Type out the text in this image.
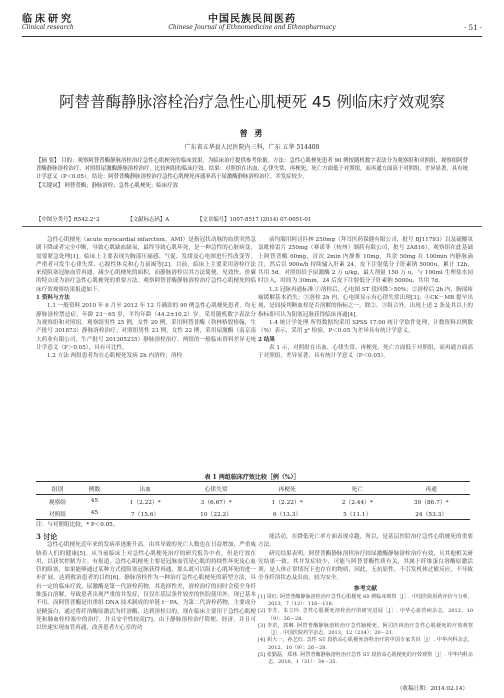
临床研究
Clinical research
中国民族民间医药
Chinese Journal of Ethnomedicine and Ethnopharmacy	· 51 ·
阿替普酶静脉溶栓治疗急性心肌梗死 45 例临床疗效观察
曾 勇
广东省五华县人民医院内三科，广东 五华 514400
【摘 要】 目的：观察阿替普酶静脉溶栓治疗急性心肌梗死的临床效果，为临床治疗提供参考依据。方法：急性心肌梗死患者 90 例按随机数字表法分为观察组和对照组，观察组阿替普酶静脉溶栓治疗，对照组尿激酶静脉溶栓治疗，比较两组的临床疗效。结果：对照组在出血、心律失常、再梗死、死亡方面低于对照组，而再通方面高于对照组，差异显著，具有统计学意义（P＜0.05）。结论：阿替普酶静脉溶栓治疗急性心肌梗死再通率高于尿激酶静脉溶栓治疗，并发症较少。
【关键词】 阿替普酶；静脉溶栓；急性心肌梗死；临床疗效
【中图分类号】R542.2⁺2	【文献标志码】A	【文章编号】1007-8517 (2014) 07-0051-01

急性心肌梗死（acute myocardial infarction，AMI）是指冠状动脉的血供突然急剧下降或者完全中断，导致心肌缺血缺氧，最终导致心肌坏死，是一种急性的心脏病变，需要紧急处理[1]。临床上主要表现为胸部压痛感、气促、发绀及心电图进行性改变等，严重者可发生心律失常、心源性休克和心力衰竭等[2]。目前，临床上主要采用溶栓疗法来使阻塞冠脉血管再通，减少心肌梗死的面积，而静脉溶栓以其方法简便、见效快、价廉的特点成为治疗急性心肌梗死的重要方法。观察阿替普酶静脉溶栓治疗急性心肌梗死的临床疗效观察结果报道如下。

1 资料与方法

1.1 一般资料 2010 年 6 月至 2012 年 12 月确诊的 90 例急性心肌梗死患者，均无静脉溶栓禁忌症，年龄 23－65 岁，平均年龄（44.2±10.2）岁。采用随机数字表法分为观察组和对照组。观察组男性 25 例，女性 20 例，采用阿替普酶（勃林格殷格翰，生产批号 301873）静脉溶栓治疗；对照组男性 23 例，女性 22 例，采用尿激酶（南京南大药业有限公司，生产批号 201305235）静脉溶栓治疗，两组的一般临床资料差异无统计学意义（P＞0.05），具有可比性。

1.2 方法 两组患者均在心肌梗死发病 2h 内溶栓；溶栓

前均服用阿司匹林 250mg（拜耳医药保健有限公司，批号 BJ11793）以及硫酸氢氯吡格雷片 250mg（赛诺菲（杭州）制药有限公司，批号 2A816）。观察组在此基础上阿替普酶 60mg，首次 2min 内静推 10mg，其余 50mg 在 100min 内静脉滴注，然后以 900u/h 持续输入肝素 24，皮下注射低分子肝素钠 5000u，累计 12h，共用 5d。对照组给予尿激酶 2 万 u/kg，最大剂量 150 万 u，与 100ml 生理盐水同时注入，时间为 30min，24 后皮下注射低分子肝素钠 5000u，共用 7d。

1.3 冠脉再通标准 ①溶栓后，心电图 ST 段回降＞50%；②溶栓后 2h 内，胸部疼痛缓解基本消失；③溶栓 2h 内，心电图显示有心律失常出现[3]；④CK－MB 提早出现，是间接判断血栓是否溶解的指标之一。除②、③组合外，出现上述 2 条及其以上的指标即可认为阻塞冠脉获得临床再通[4]。

1.4 统计学处理 所得数据均采用 SPSS 17.00 统计学软件处理，计数资料以例数（%）表示，采用 χ² 检验，P＜0.05 为差异具有统计学意义。

2 结果

表 1 示，对照组在出血、心律失常、再梗死、死亡方面低于对照组，而再通方面高于对照组，差异显著，具有统计学意义（P＜0.05）。

表 1 两组临床疗效比较［例（%）］
组别	例数	出血	心律失常	再梗死	死亡	再通
观察组	45	1（2.22）*	3（6.67）*	1（2.22）*	2（2.44）*	39（86.7）*
对照组	45	7（15.6）	10（22.2）	6（13.3）	5（11.1）	24（53.3）
注：与对照组比较，* P＜0.05。

3 讨论

急性心肌梗死近年来的发病率逐渐升高，由其导致的死亡人数也在日益增加，严重威胁着人们的健康[5]。从当前临床上对急性心肌梗死治疗的研究报告中看，但是疗效在用，以获状控制为主。有报道，急性心肌梗死主要是冠脉血管是心肌的持续性坏死及心血管的阻塞，如果能够通过某种方式使阻塞冠脉获得再通，那么就可以阻止心肌坏死的进一步扩展，达到救治患者的目的[6]。静脉溶栓作为一种治疗急性心肌梗死的新型方法，具有一定的临床疗效。尿激酶是第一代溶栓药物，其选择性差，溶栓治疗的同时会使全身纤维蛋白溶解，导致患者出现严重的并发症，仅仅在基层条件较差的医院使用外，现已基本不用。而阿替普酶是用重组 DNA 技术制成的单链 t－PA，为第二代溶栓药物，主要成分是糖蛋白，通过将纤溶酶原激活为纤溶酶，达到溶栓目的，现在临床主要用于急性心肌梗死和肺血栓栓塞中的治疗，并且安全性较高[7]。由于静脉溶栓治疗简便、经济，并且可以快速实现血管再通，改善患者左心室的功

能活动，在降低死亡率方面表现卓越，所以，是基层医院治疗急性心肌梗死的重要方法。

研究结果表明，阿替普酶静脉溶栓治疗较尿激酶静脉溶栓治疗有效，且其他相关研究结果一致，其并发症较少，可能与阿替普酶性质有关，其属于纤维蛋白溶酶原激活剂，是人体正常情况下也存在的物质，因此，无抗原性，不引发机体过敏反应，不导致全身纤溶状态及出血，较为安全。

参考文献
[1] 周红. 阿替普酶静脉溶栓治疗急性心肌梗死 60 例临床观察［J］. 中国医院用药评价与分析，2013，7（12）：116－118.
[2] 李芳，朱立玲. 急性心肌梗死溶栓治疗的研究进展［J］. 中华心血管病杂志，2012，10（9）：26－28.
[3] 李洪，郭琳. 阿替普酶静脉溶栓治疗急性脑梗死、阿司匹林治疗急性心肌梗死的疗效观察［J］. 中国医院药学杂志，2013，12（234）：20－21.
[4] 胡大一，孙艺红. 急性 ST 段抬高心肌梗死溶栓治疗的中国专家共识［J］. 中华内科杂志，2012，10（9）：26－28.
[5] 张勤磊，郑林. 阿替普酶静脉溶栓治疗急性 ST 段抬高心肌梗死的疗效观察［J］. 中华内科杂志，2010，1（31）：34－35.
（收稿日期：2014.02.14）
